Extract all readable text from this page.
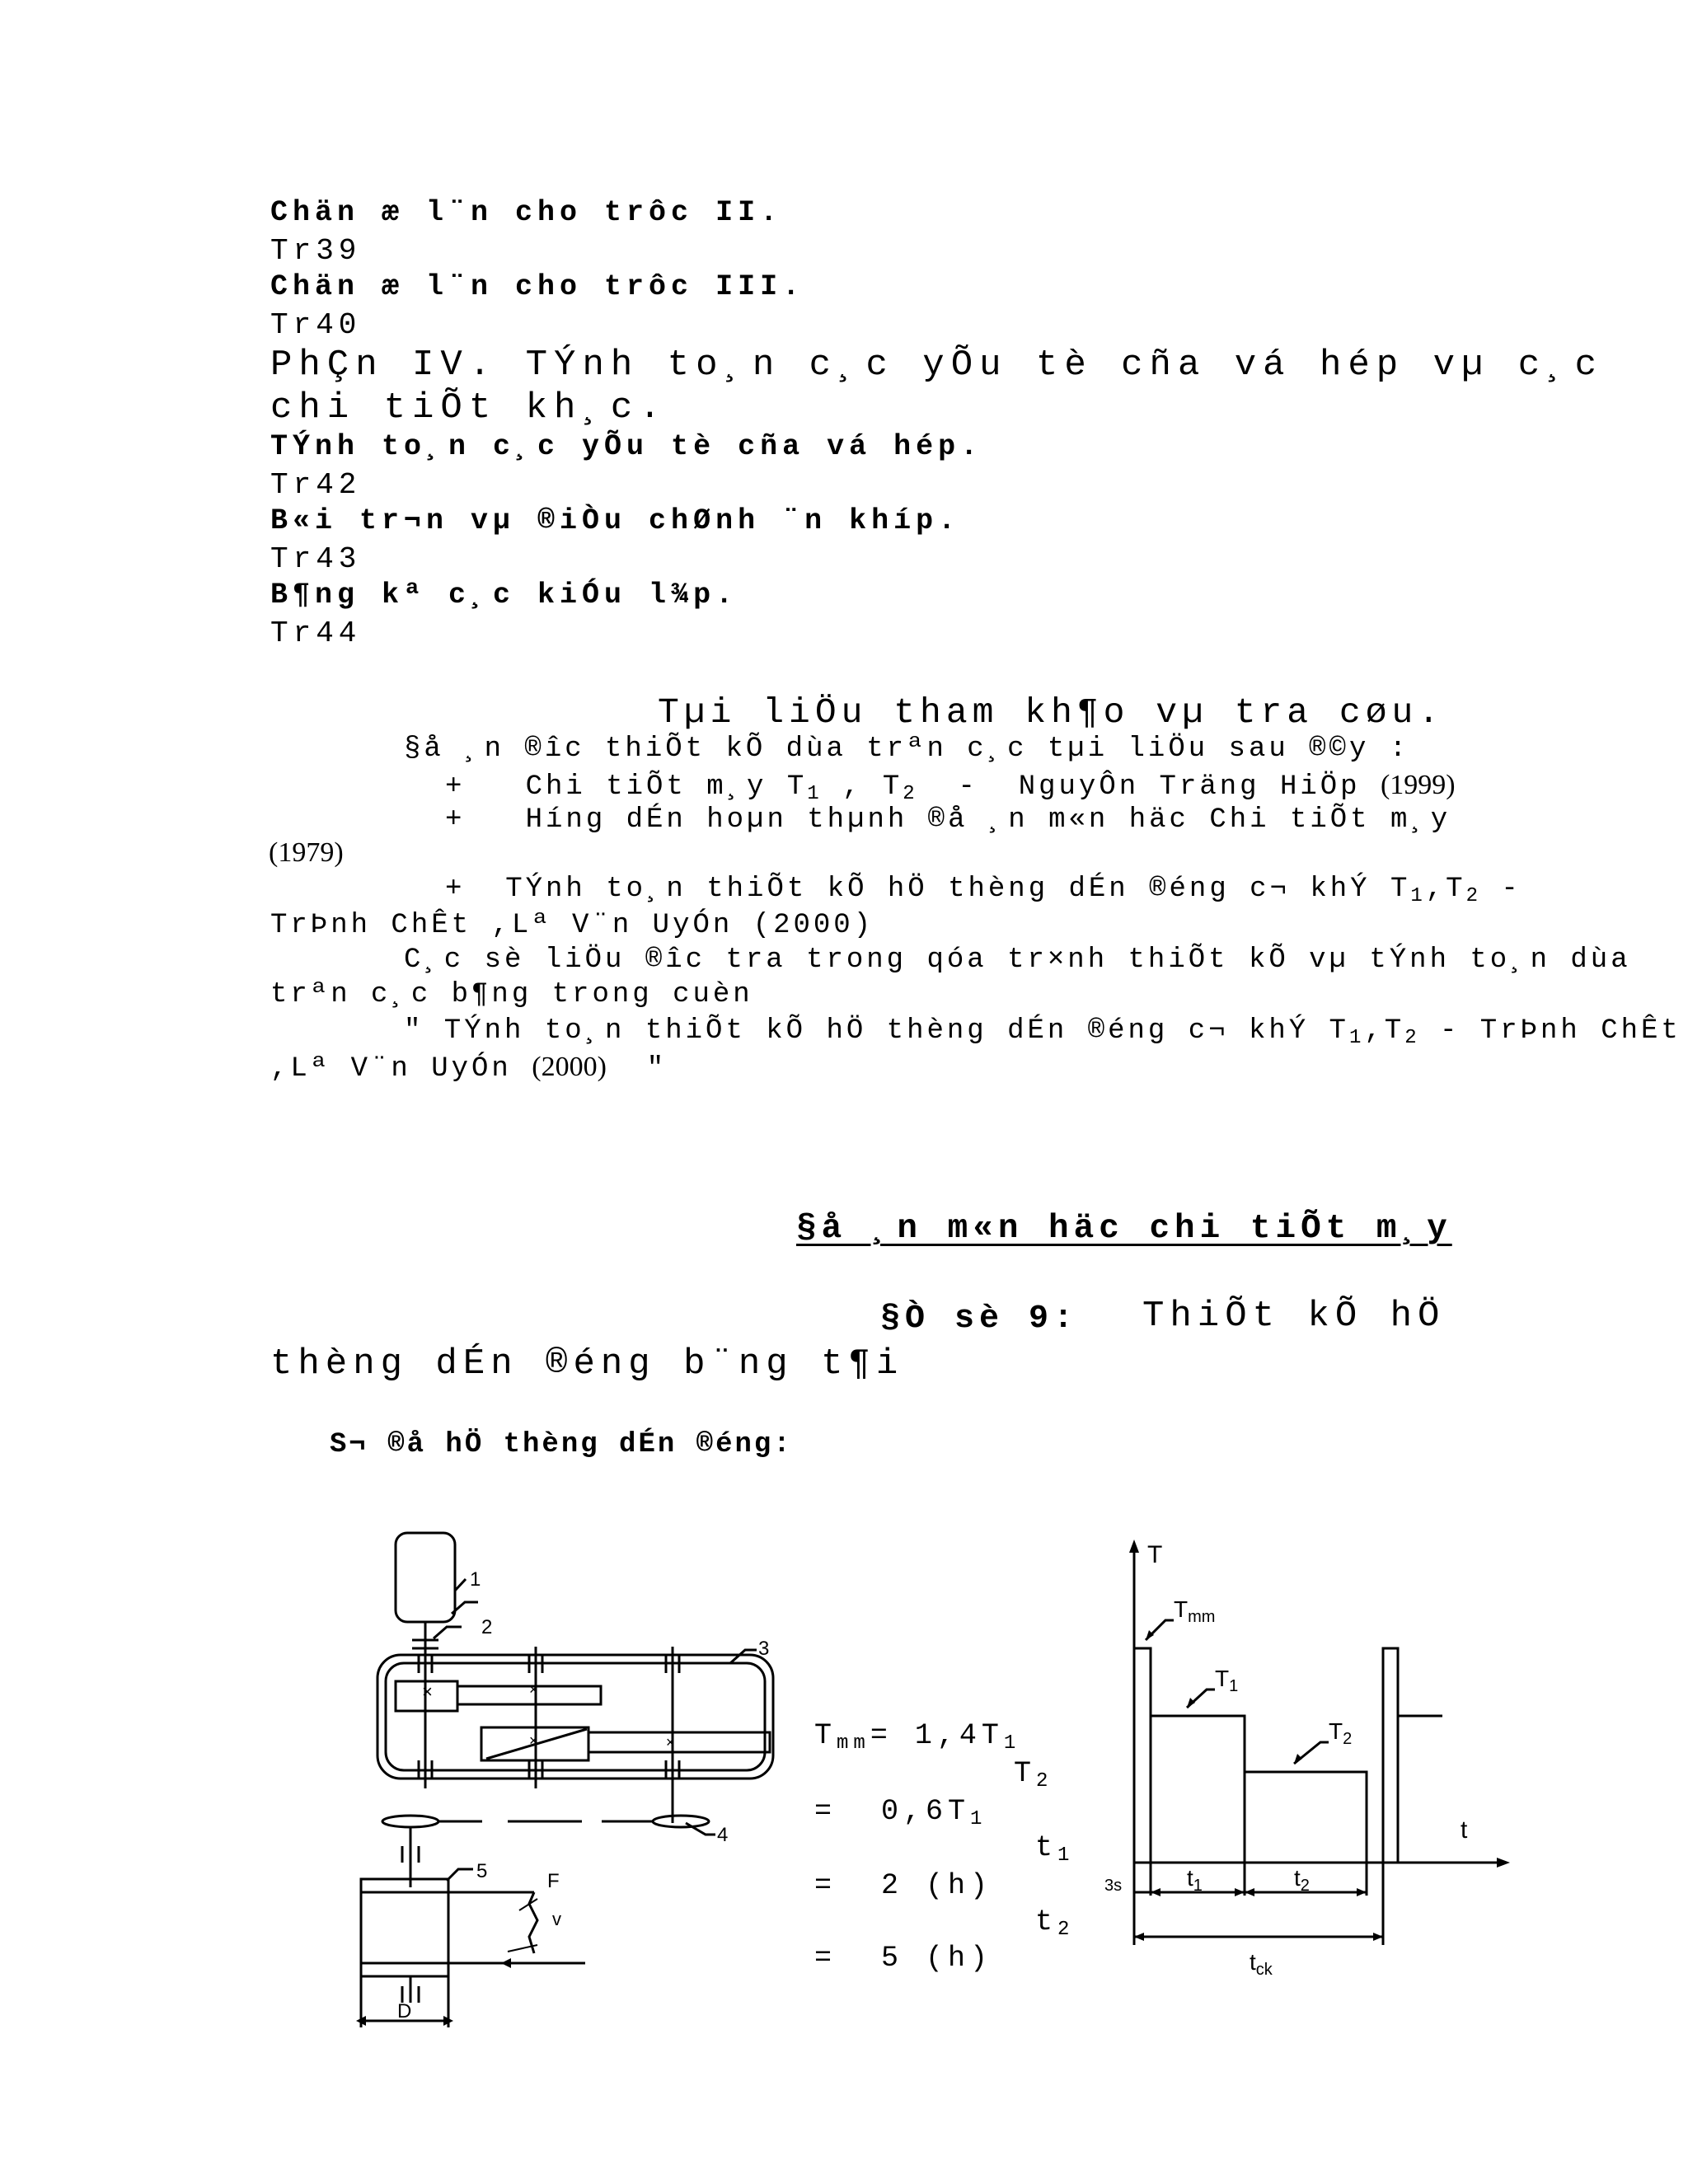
Chän æ l¨n cho trôc II.
Tr39
Chän æ l¨n cho trôc III.
Tr40
PhÇn IV. TÝnh to¸n c¸c yÕu tè cña vá hép vµ c¸c
chi tiÕt kh¸c.
TÝnh to¸n c¸c yÕu tè cña vá hép.
Tr42
B«i tr¬n vµ ®iÒu chØnh ¨n khíp.
Tr43
B¶ng kª c¸c kiÓu l¾p.
Tr44
Tµi liÖu tham kh¶o vµ tra cøu.
§å ¸n ®îc thiÕt kÕ dùa trªn c¸c tµi liÖu sau ®©y :
+   Chi tiÕt m¸y $T_1$ , $T_2$  -  NguyÔn Träng HiÖp (1999)
+   Híng dÉn hoµn thµnh ®å ¸n m«n häc Chi tiÕt m¸y
(1979)
+  TÝnh to¸n thiÕt kÕ hÖ thèng dÉn ®éng c¬ khÝ $T_1,T_2$ -
TrÞnh ChÊt ,Lª V¨n UyÓn (2000)
C¸c sè liÖu ®îc tra trong qóa tr×nh thiÕt kÕ vµ tÝnh to¸n dùa
trªn c¸c b¶ng trong cuèn
" TÝnh to¸n thiÕt kÕ hÖ thèng dÉn ®éng c¬ khÝ $T_1,T_2$ - TrÞnh ChÊt
,Lª V¨n UyÓn (2000)  "
§å ¸n m«n häc chi tiÕt m¸y
§Ò sè 9: ThiÕt kÕ hÖ
thèng dÉn ®éng b¨ng t¶i
S¬ ®å hÖ thèng dÉn ®éng:
×	×
×	×
1
2
3
4
5	F
v
D
$T_{mm}= 1,4T_1$
$T_2$
=  $0,6T_1$
$t_1$
=  2 (h)
$t_2$
=  5 (h)
T
$T_{mm}$
$T_1$
$T_2$
t
3s	$t_1$	$t_2$
$t_{ck}$
